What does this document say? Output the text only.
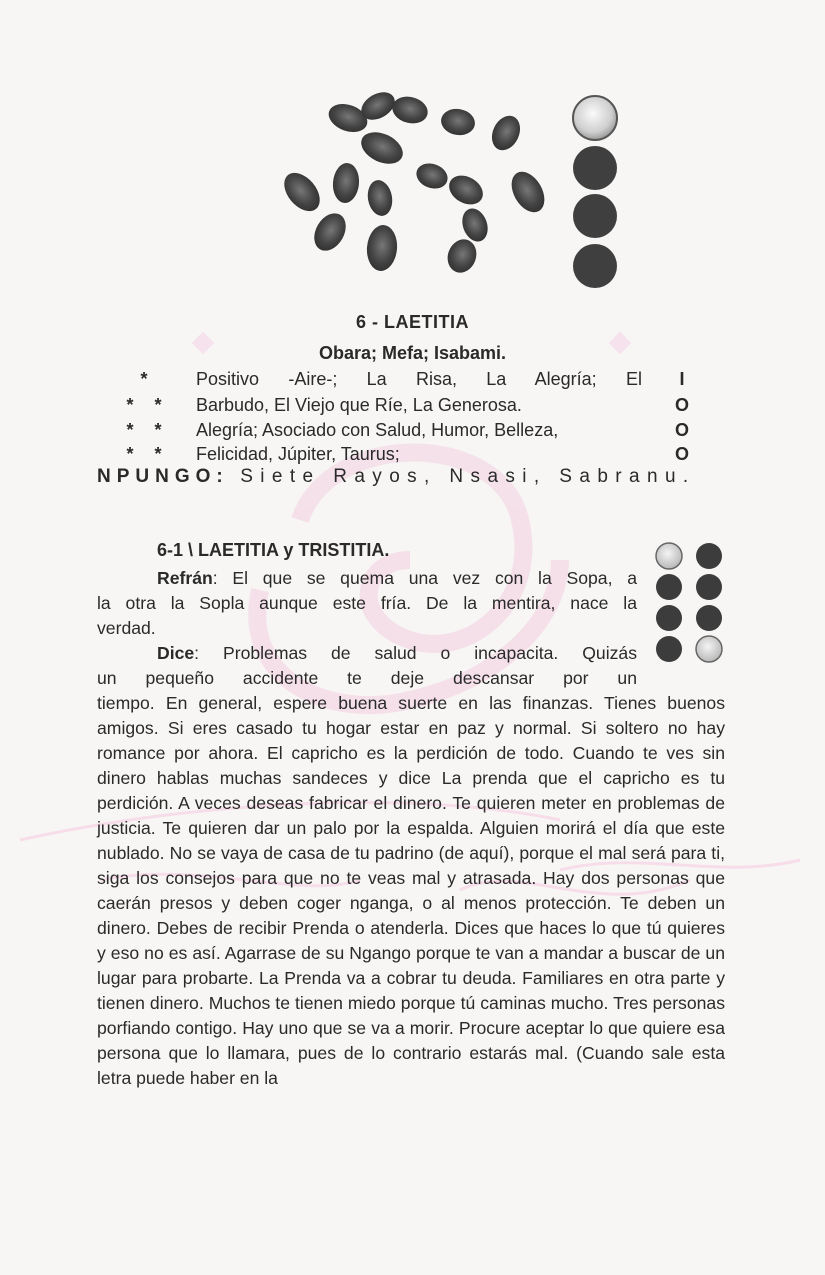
6 - LAETITIA
Obara; Mefa; Isabami.
*	Positivo -Aire-; La Risa, La Alegría; El	I
* *	Barbudo, El Viejo que Ríe, La Generosa.	O
* *	Alegría; Asociado con Salud, Humor, Belleza,	O
* *	Felicidad, Júpiter, Taurus;	O
NPUNGO: Siete Rayos, Nsasi, Sabranu.
6-1 \ LAETITIA y TRISTITIA.
Refrán: El que se quema una vez con la Sopa, a
la otra la Sopla aunque este fría. De la mentira, nace la
verdad.
Dice: Problemas de salud o incapacita. Quizás
un pequeño accidente te deje descansar por un
tiempo. En general, espere buena suerte en las finanzas. Tienes buenos amigos. Si eres casado tu hogar estar en paz y normal. Si soltero no hay romance por ahora. El capricho es la perdición de todo. Cuando te ves sin dinero hablas muchas sandeces y dice La prenda que el capricho es tu perdición. A veces deseas fabricar el dinero. Te quieren meter en problemas de justicia. Te quieren dar un palo por la espalda. Alguien morirá el día que este nublado. No se vaya de casa de tu padrino (de aquí), porque el mal será para ti, siga los consejos para que no te veas mal y atrasada. Hay dos personas que caerán presos y deben coger nganga, o al menos protección. Te deben un dinero. Debes de recibir Prenda o atenderla. Dices que haces lo que tú quieres y eso no es así. Agarrase de su Ngango porque te van a mandar a buscar de un lugar para probarte. La Prenda va a cobrar tu deuda. Familiares en otra parte y tienen dinero. Muchos te tienen miedo porque tú caminas mucho. Tres personas porfiando contigo. Hay uno que se va a morir. Procure aceptar lo que quiere esa persona que lo llamara, pues de lo contrario estarás mal. (Cuando sale esta letra puede haber en la
